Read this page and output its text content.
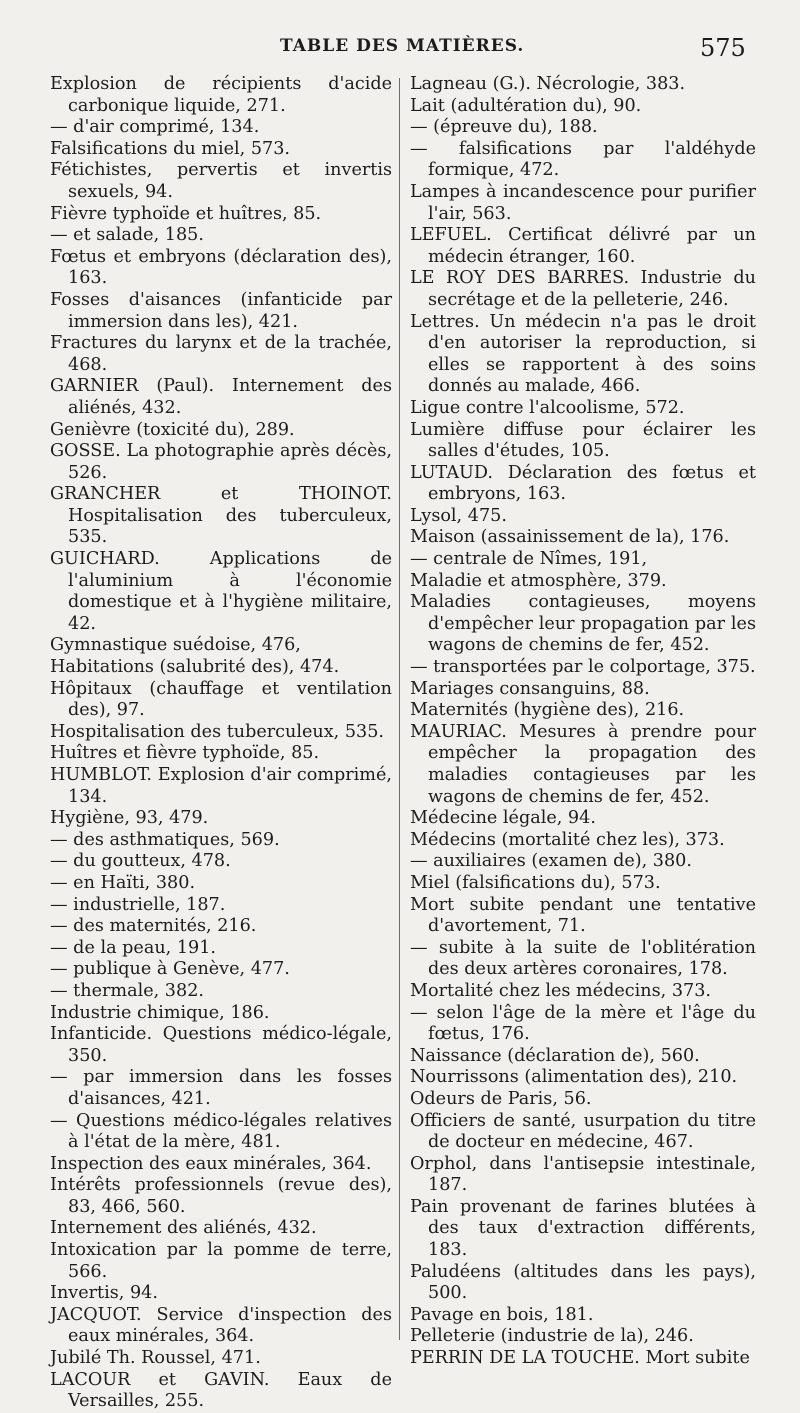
TABLE DES MATIÈRES.	575
Explosion de récipients d'acide carbonique liquide, 271.
— d'air comprimé, 134.
Falsifications du miel, 573.
Fétichistes, pervertis et invertis sexuels, 94.
Fièvre typhoïde et huîtres, 85.
— et salade, 185.
Fœtus et embryons (déclaration des), 163.
Fosses d'aisances (infanticide par immersion dans les), 421.
Fractures du larynx et de la trachée, 468.
GARNIER (Paul). Internement des aliénés, 432.
Genièvre (toxicité du), 289.
GOSSE. La photographie après décès, 526.
GRANCHER et THOINOT. Hospitalisation des tuberculeux, 535.
GUICHARD. Applications de l'aluminium à l'économie domestique et à l'hygiène militaire, 42.
Gymnastique suédoise, 476,
Habitations (salubrité des), 474.
Hôpitaux (chauffage et ventilation des), 97.
Hospitalisation des tuberculeux, 535.
Huîtres et fièvre typhoïde, 85.
HUMBLOT. Explosion d'air comprimé, 134.
Hygiène, 93, 479.
— des asthmatiques, 569.
— du goutteux, 478.
— en Haïti, 380.
— industrielle, 187.
— des maternités, 216.
— de la peau, 191.
— publique à Genève, 477.
— thermale, 382.
Industrie chimique, 186.
Infanticide. Questions médico-légale, 350.
— par immersion dans les fosses d'aisances, 421.
— Questions médico-légales relatives à l'état de la mère, 481.
Inspection des eaux minérales, 364.
Intérêts professionnels (revue des), 83, 466, 560.
Internement des aliénés, 432.
Intoxication par la pomme de terre, 566.
Invertis, 94.
JACQUOT. Service d'inspection des eaux minérales, 364.
Jubilé Th. Roussel, 471.
LACOUR et GAVIN. Eaux de Versailles, 255.
Lagneau (G.). Nécrologie, 383.
Lait (adultération du), 90.
— (épreuve du), 188.
— falsifications par l'aldéhyde formique, 472.
Lampes à incandescence pour purifier l'air, 563.
LEFUEL. Certificat délivré par un médecin étranger, 160.
LE ROY DES BARRES. Industrie du secrétage et de la pelleterie, 246.
Lettres. Un médecin n'a pas le droit d'en autoriser la reproduction, si elles se rapportent à des soins donnés au malade, 466.
Ligue contre l'alcoolisme, 572.
Lumière diffuse pour éclairer les salles d'études, 105.
LUTAUD. Déclaration des fœtus et embryons, 163.
Lysol, 475.
Maison (assainissement de la), 176.
— centrale de Nîmes, 191,
Maladie et atmosphère, 379.
Maladies contagieuses, moyens d'empêcher leur propagation par les wagons de chemins de fer, 452.
— transportées par le colportage, 375.
Mariages consanguins, 88.
Maternités (hygiène des), 216.
MAURIAC. Mesures à prendre pour empêcher la propagation des maladies contagieuses par les wagons de chemins de fer, 452.
Médecine légale, 94.
Médecins (mortalité chez les), 373.
— auxiliaires (examen de), 380.
Miel (falsifications du), 573.
Mort subite pendant une tentative d'avortement, 71.
— subite à la suite de l'oblitération des deux artères coronaires, 178.
Mortalité chez les médecins, 373.
— selon l'âge de la mère et l'âge du fœtus, 176.
Naissance (déclaration de), 560.
Nourrissons (alimentation des), 210.
Odeurs de Paris, 56.
Officiers de santé, usurpation du titre de docteur en médecine, 467.
Orphol, dans l'antisepsie intestinale, 187.
Pain provenant de farines blutées à des taux d'extraction différents, 183.
Paludéens (altitudes dans les pays), 500.
Pavage en bois, 181.
Pelleterie (industrie de la), 246.
PERRIN DE LA TOUCHE. Mort subite
